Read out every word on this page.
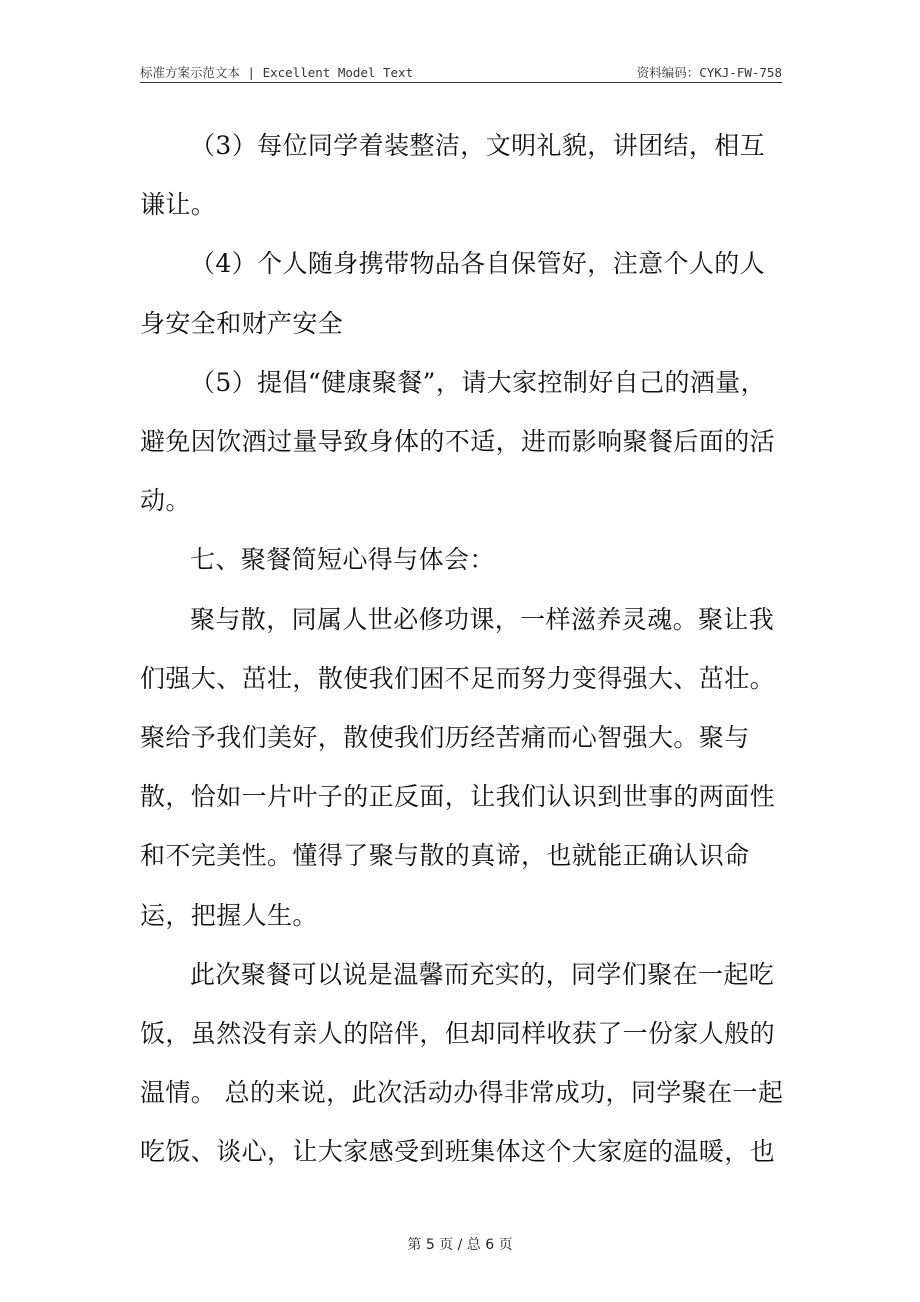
标准方案示范文本 | Excellent Model Text	资料编码：CYKJ-FW-758

（3）每位同学着装整洁，文明礼貌，讲团结，相互谦让。

（4）个人随身携带物品各自保管好，注意个人的人身安全和财产安全

（5）提倡“健康聚餐”，请大家控制好自己的酒量，避免因饮酒过量导致身体的不适，进而影响聚餐后面的活动。

七、聚餐简短心得与体会：

聚与散，同属人世必修功课，一样滋养灵魂。聚让我们强大、茁壮，散使我们困不足而努力变得强大、茁壮。聚给予我们美好，散使我们历经苦痛而心智强大。聚与散，恰如一片叶子的正反面，让我们认识到世事的两面性和不完美性。懂得了聚与散的真谛，也就能正确认识命运，把握人生。

此次聚餐可以说是温馨而充实的，同学们聚在一起吃饭，虽然没有亲人的陪伴，但却同样收获了一份家人般的温情。 总的来说，此次活动办得非常成功，同学聚在一起吃饭、谈心，让大家感受到班集体这个大家庭的温暖，也

第 5 页 / 总 6 页
